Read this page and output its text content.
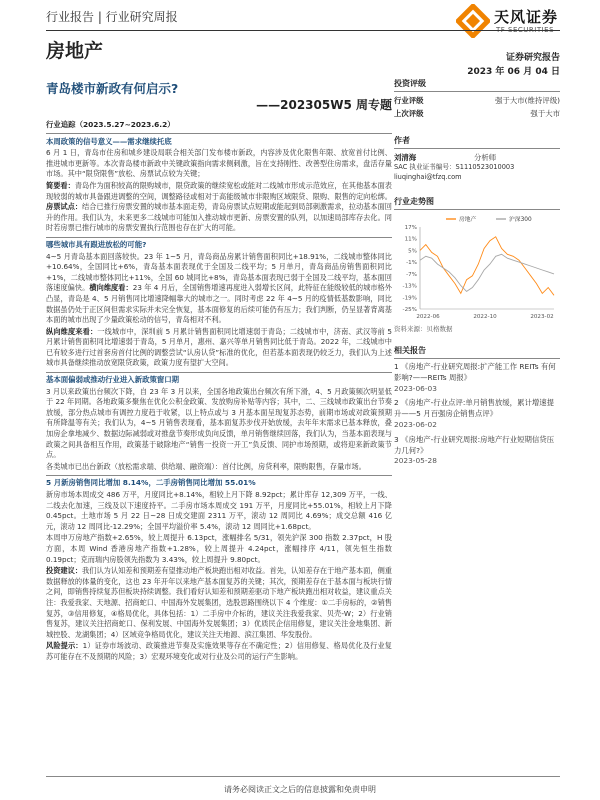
行业报告 | 行业研究周报	天风证券
TF SECURITIES
房地产	证券研究报告
2023 年 06 月 04 日
青岛楼市新政有何启示?
——202305W5 周专题
行业追踪（2023.5.27~2023.6.2）
本周政策的信号意义——需求继续托底
6 月 1 日，青岛市住房和城乡建设局联合相关部门发布楼市新政，内容涉及优化限售年限、放宽首付比例、推进城市更新等。本次青岛楼市新政中关键政策指向需求侧刺激，旨在支持刚性、改善型住房需求，盘活存量市场。其中“限贷限售”放松、房票试点较为关键；
简要看：青岛作为面积较高的限购城市，限贷政策的继续宽松或能对二线城市形成示范效应，在其他基本面表现较弱的城市具备跟进调整的空间，调整路径或相对于高能级城市非限购区域限贷、限购、限售的定向松绑。房票试点：结合已推行房票安置的城市基本面走势，青岛房票试点短期或能起到局部刺激需求，拉动基本面回升的作用。我们认为，未来更多二线城市可能加入推动城市更新、房票安置的队列，以加速局部库存去化。同时若房票已推行城市的房票安置执行范围也存在扩大的可能。
哪些城市具有跟进放松的可能?
4~5 月青岛基本面回落较快。23 年 1~5 月，青岛商品房累计销售面积同比+18.91%，二线城市整体同比+10.64%，全国同比+6%，青岛基本面表现优于全国及二线平均；5 月单月，青岛商品房销售面积同比+1%，二线城市整体同比+11%，全国 60 城同比+8%，青岛基本面表现已弱于全国及二线平均，基本面回落速度偏快。横向维度看：23 年 4 月后，全国销售增速再度进入弱增长区间，此特征在能级较低的城市格外凸显，青岛是 4、5 月销售同比增速降幅靠大的城市之一。同时考虑 22 年 4~5 月的疫情低基数影响，同比数据虽仍处于正区间但需求实际并未完全恢复，基本面修复的后续可能仍有压力；我们判断，仍呈显著背离基本面的城市出现了少量政策松动的信号，青岛相对不利。
纵向维度来看：一线城市中，深圳前 5 月累计销售面积同比增速弱于青岛；二线城市中，济南、武汉等前 5 月累计销售面积同比增速弱于青岛，5 月单月，惠州、嘉兴等单月销售同比低于青岛。2022 年，二线城市中已有较多进行过首套房首付比例的调整尝试“认房认贷”标准的优化，但若基本面表现仍较乏力，我们认为上述城市具备继续推动放宽限贷政策，政策力度有望扩大空间。
基本面偏弱或推动行业进入新政策窗口期
3 月以来政策出台频次下降，自 23 年 3 月以来，全国各地政策出台频次有所下滑，4、5 月政策频次明显低于 22 年同期。各地政策多聚焦在优化公积金政策、发放购房补贴等内容；其中，二、三线城市政策出台节奏放缓，部分热点城市有调控力度趋于收紧，以上特点或与 3 月基本面呈现复苏态势，前期市场或对政策预期有所降温等有关；我们认为，4~5 月销售表现看，基本面复苏步伐开始放缓，去年年末需求已基本释放，叠加房企拿地减少、数据边际减弱或对推盘节奏形成负向反馈，单月销售继续回落，我们认为，当基本面表现与政策之间具备相互作用，政策基于破除地产“销售一投资一开工”负反馈、同护市场预期，或将迎来新政策节点。
各类城市已出台新政（放松需求端、供给端、融资端）：首付比例，房贷利率，限购限售，存量市场。
5 月新房销售同比增加 8.14%，二手房销售同比增加 55.01%
新房市场本周成交 486 万平，月度同比+8.14%，相较上月下降 8.92pct；累计库存 12,309 万平，一线、二线去化加速，三线及以下速度持平。二手房市场本周成交 191 万平，月度同比+55.01%，相较上月下降 0.45pct。土地市场 5 月 22 日~28 日成交建面 2311 万平，滚动 12 周同比 4.69%；成交总额 416 亿元，滚动 12 周同比-12.29%；全国平均溢价率 5.4%，滚动 12 周同比+1.68pct。
本周申万房地产指数+2.65%，较上周提升 6.13pct，涨幅排名 5/31，领先沪深 300 指数 2.37pct，H 股方面，本周 Wind 香港房地产指数+1.28%，较上周提升 4.24pct，涨幅排序 4/11，领先恒生指数 0.19pct；克而瑞内房股领先指数为 3.43%，较上周提升 9.80pct。
投资建议：我们认为认知差和预期差有望推动地产板块跑出相对收益。首先，认知差存在于地产基本面，侧重数据释放的体量的变化，这也 23 年开年以来地产基本面复苏的关键；其次，预期差存在于基本面与板块行情之间，即销售持续复苏但板块持续调整。我们看好认知差和预期差驱动下地产板块跑出相对收益，建议重点关注：我爱我家、天地源、招商蛇口、中国海外发展集团，选股思路围绕以下 4 个维度：①二手房标的，②销售复苏，③信用修复，④格局优化，具体包括：1）二手房中介标的，建议关注我爱我家、贝壳-W；2）行业销售复苏，建议关注招商蛇口、保利发展、中国海外发展集团；3）优质民企信用修复，建议关注金地集团、新城控股、龙湖集团；4）区域竞争格局优化，建议关注天地源、滨江集团、华发股份。
风险提示：1）证券市场波动、政策推进节奏及实施效果等存在不确定性；2）信用修复、格局优化及行业复苏可能存在不及预期的风险；3）宏观环境变化或对行业及公司的运行产生影响。
投资评级
行业评级	强于大市(维持评级)
上次评级	强于大市
作者
刘清海	分析师
SAC 执业证书编号：S1110523010003
liuqinghai@tfzq.com
行业走势图
17%
11%
5%
-1%
-7%
-13%
-19%
-25%
2022-06	2022-10	2023-02
房地产	沪深300
资料来源：贝格数据
相关报告
1 《房地产-行业研究周报:扩产能工作 REITs 有何影响?——REITs 周报》
2023-06-03
2 《房地产-行业点评:单月销售放缓，累计增速提升——5 月百强房企销售点评》
2023-06-02
3 《房地产-行业研究周报:房地产行业短期信贷压力几何?》
2023-05-28
请务必阅读正文之后的信息披露和免责申明
